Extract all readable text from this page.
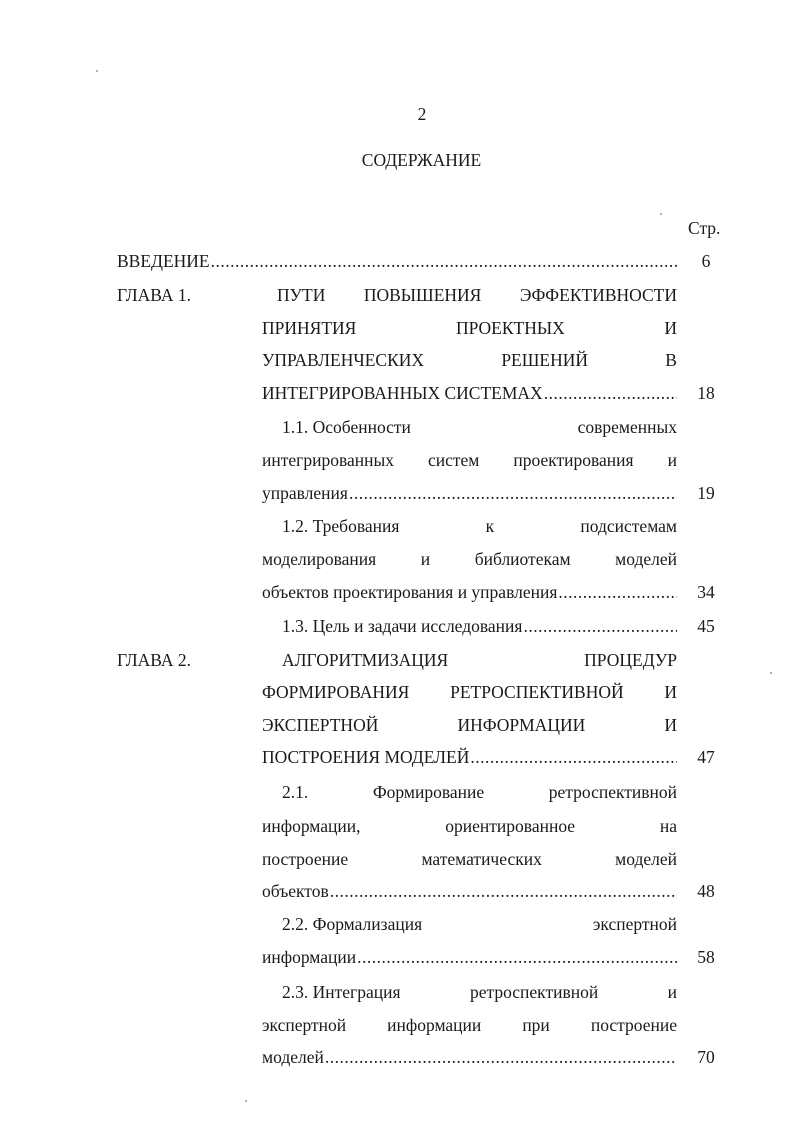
2
СОДЕРЖАНИЕ
Стр.
ВВЕДЕНИЕ .....	6
ГЛАВА 1.	ПУТИ ПОВЫШЕНИЯ ЭФФЕКТИВНОСТИ
ПРИНЯТИЯ	ПРОЕКТНЫХ	И
УПРАВЛЕНЧЕСКИХ	РЕШЕНИЙ	В
ИНТЕГРИРОВАННЫХ СИСТЕМАХ .....	18
1.1. Особенности	современных
интегрированных систем проектирования и
управления .....	19
1.2. Требования	к	подсистемам
моделирования	и	библиотекам	моделей
объектов проектирования и управления .....	34
1.3. Цель и задачи исследования .....	45
ГЛАВА 2.	АЛГОРИТМИЗАЦИЯ	ПРОЦЕДУР
ФОРМИРОВАНИЯ РЕТРОСПЕКТИВНОЙ И
ЭКСПЕРТНОЙ	ИНФОРМАЦИИ	И
ПОСТРОЕНИЯ МОДЕЛЕЙ .....	47
2.1.	Формирование	ретроспективной
информации,	ориентированное	на
построение	математических	моделей
объектов .....	48
2.2. Формализация	экспертной
информации .....	58
2.3. Интеграция	ретроспективной	и
экспертной информации при построение
моделей .....	70
